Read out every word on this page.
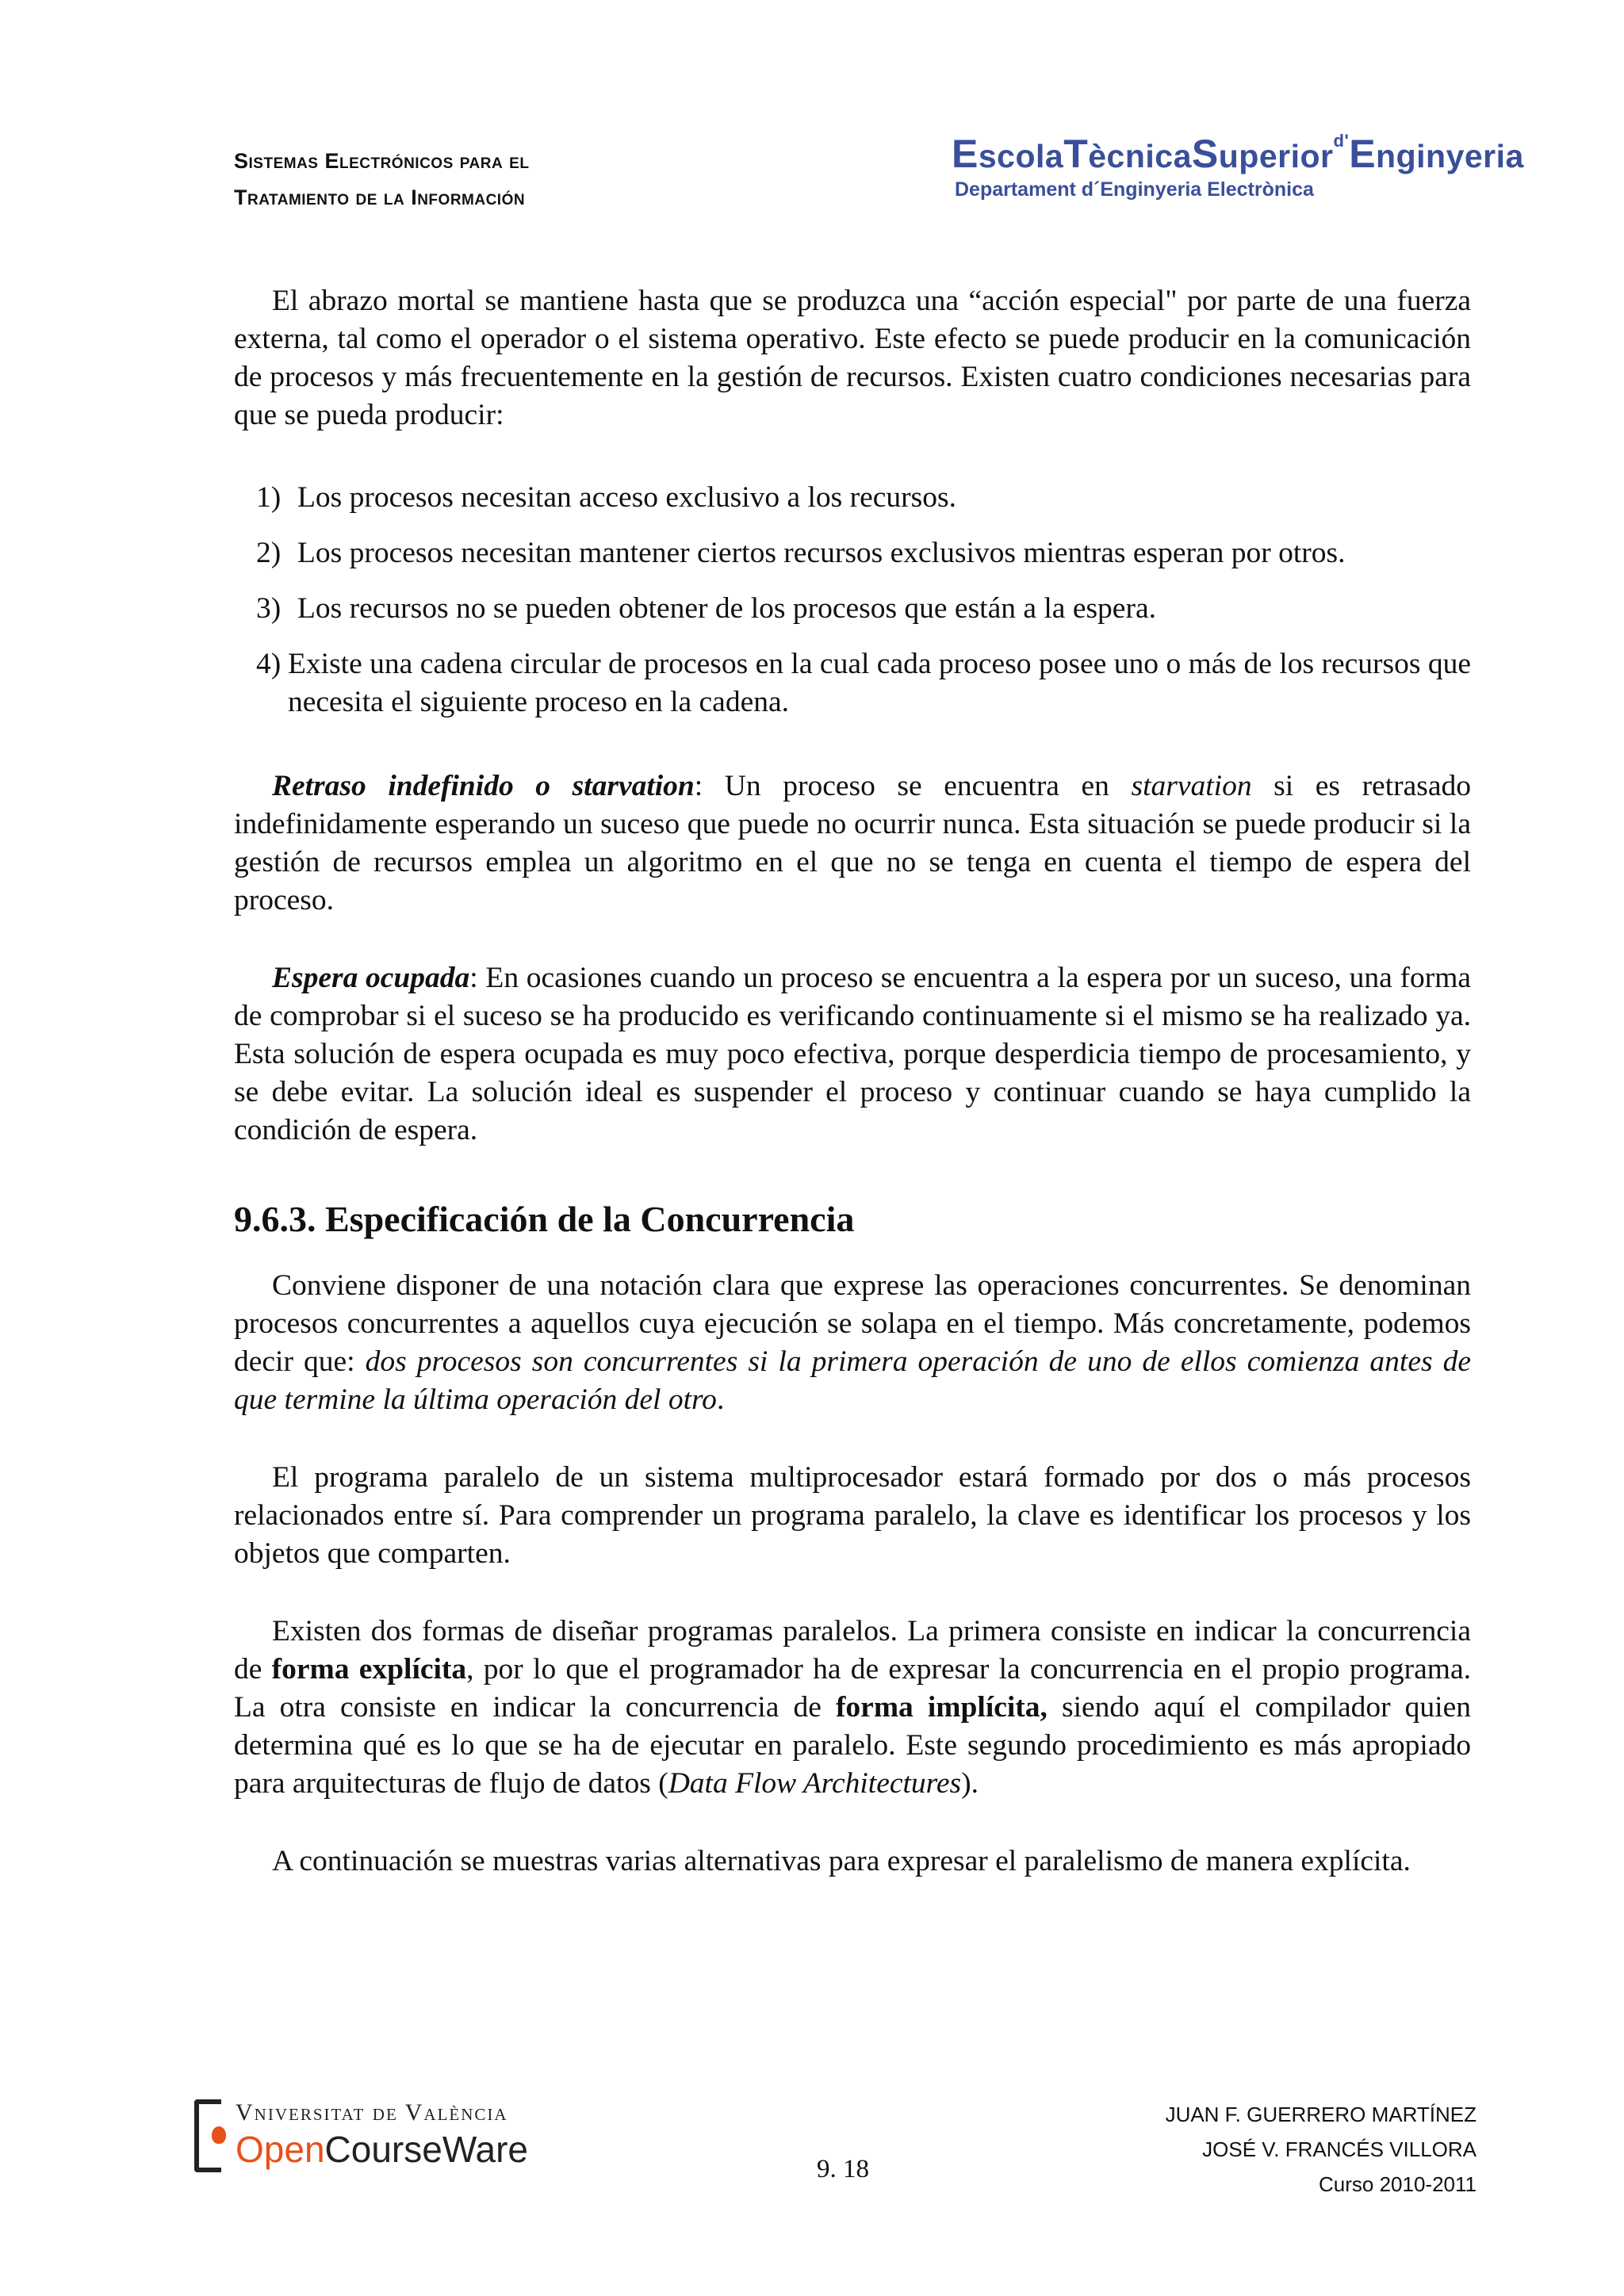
Sistemas Electrónicos para el
Tratamiento de la Información
EscolaTècnicaSuperior$^{d'}$Enginyeria
Departament d´Enginyeria Electrònica

El abrazo mortal se mantiene hasta que se produzca una “acción especial" por parte de una fuerza externa, tal como el operador o el sistema operativo. Este efecto se puede producir en la comunicación de procesos y más frecuentemente en la gestión de recursos. Existen cuatro condiciones necesarias para que se pueda producir:

1) Los procesos necesitan acceso exclusivo a los recursos.
2) Los procesos necesitan mantener ciertos recursos exclusivos mientras esperan por otros.
3) Los recursos no se pueden obtener de los procesos que están a la espera.
4) Existe una cadena circular de procesos en la cual cada proceso posee uno o más de los recursos que necesita el siguiente proceso en la cadena.

Retraso indefinido o starvation: Un proceso se encuentra en starvation si es retrasado indefinidamente esperando un suceso que puede no ocurrir nunca. Esta situación se puede producir si la gestión de recursos emplea un algoritmo en el que no se tenga en cuenta el tiempo de espera del proceso.

Espera ocupada: En ocasiones cuando un proceso se encuentra a la espera por un suceso, una forma de comprobar si el suceso se ha producido es verificando continuamente si el mismo se ha realizado ya. Esta solución de espera ocupada es muy poco efectiva, porque desperdicia tiempo de procesamiento, y se debe evitar. La solución ideal es suspender el proceso y continuar cuando se haya cumplido la condición de espera.

9.6.3. Especificación de la Concurrencia

Conviene disponer de una notación clara que exprese las operaciones concurrentes. Se denominan procesos concurrentes a aquellos cuya ejecución se solapa en el tiempo. Más concretamente, podemos decir que: dos procesos son concurrentes si la primera operación de uno de ellos comienza antes de que termine la última operación del otro.

El programa paralelo de un sistema multiprocesador estará formado por dos o más procesos relacionados entre sí. Para comprender un programa paralelo, la clave es identificar los procesos y los objetos que comparten.

Existen dos formas de diseñar programas paralelos. La primera consiste en indicar la concurrencia de forma explícita, por lo que el programador ha de expresar la concurrencia en el propio programa. La otra consiste en indicar la concurrencia de forma implícita, siendo aquí el compilador quien determina qué es lo que se ha de ejecutar en paralelo. Este segundo procedimiento es más apropiado para arquitecturas de flujo de datos (Data Flow Architectures).

A continuación se muestras varias alternativas para expresar el paralelismo de manera explícita.

Vniversitat de València
OpenCourseWare	9. 18
JUAN F. GUERRERO MARTÍNEZ
JOSÉ V. FRANCÉS VILLORA
Curso 2010-2011
